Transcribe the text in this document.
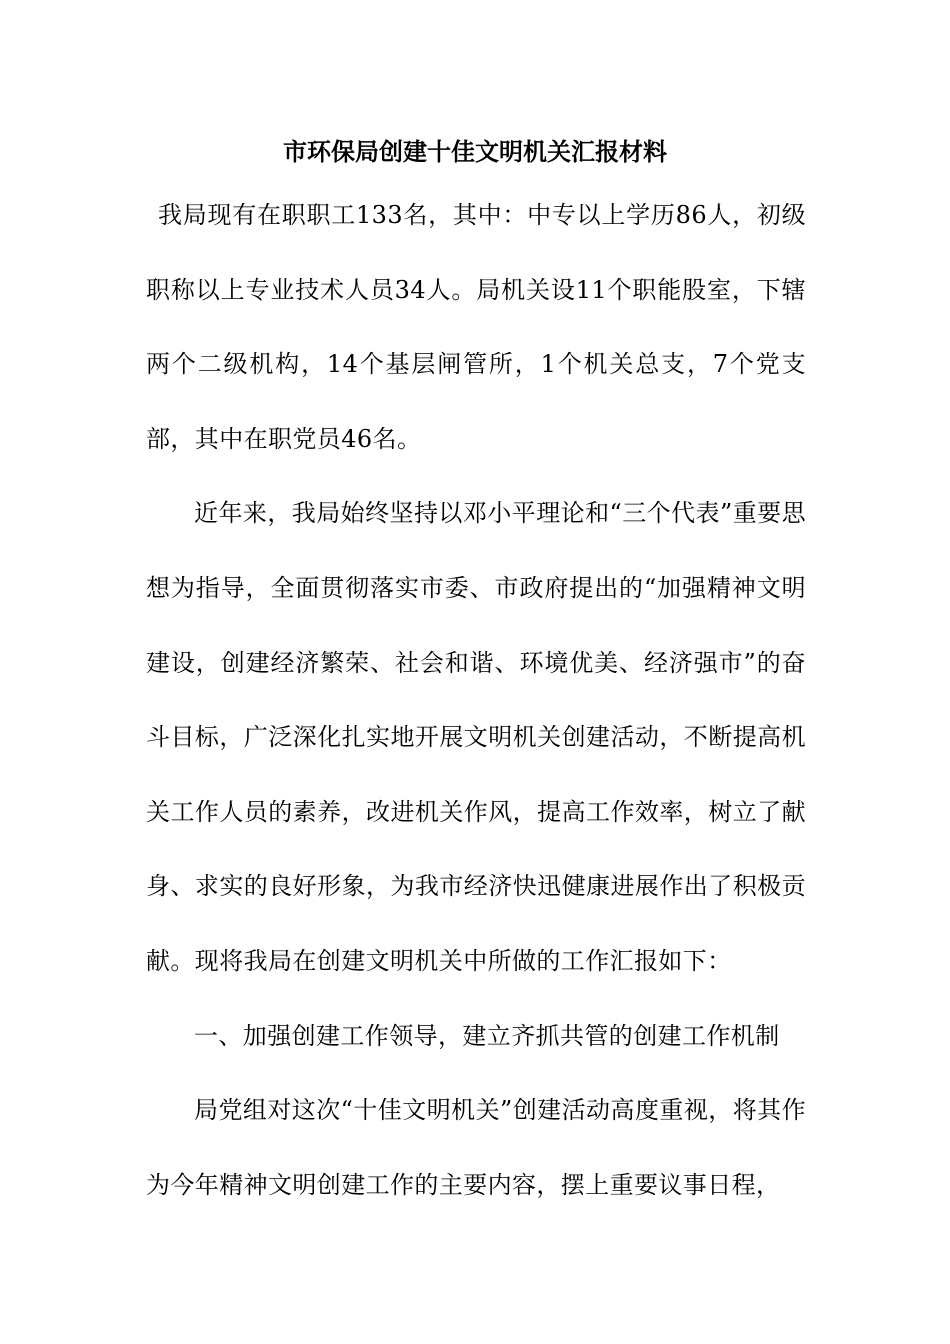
市环保局创建十佳文明机关汇报材料

我局现有在职职工133名，其中：中专以上学历86人，初级职称以上专业技术人员34人。局机关设11个职能股室，下辖两个二级机构，14个基层闸管所，1个机关总支，7个党支部，其中在职党员46名。

近年来，我局始终坚持以邓小平理论和“三个代表”重要思想为指导，全面贯彻落实市委、市政府提出的“加强精神文明建设，创建经济繁荣、社会和谐、环境优美、经济强市”的奋斗目标，广泛深化扎实地开展文明机关创建活动，不断提高机关工作人员的素养，改进机关作风，提高工作效率，树立了献身、求实的良好形象，为我市经济快迅健康进展作出了积极贡献。现将我局在创建文明机关中所做的工作汇报如下：

一、加强创建工作领导，建立齐抓共管的创建工作机制

局党组对这次“十佳文明机关”创建活动高度重视，将其作为今年精神文明创建工作的主要内容，摆上重要议事日程，
